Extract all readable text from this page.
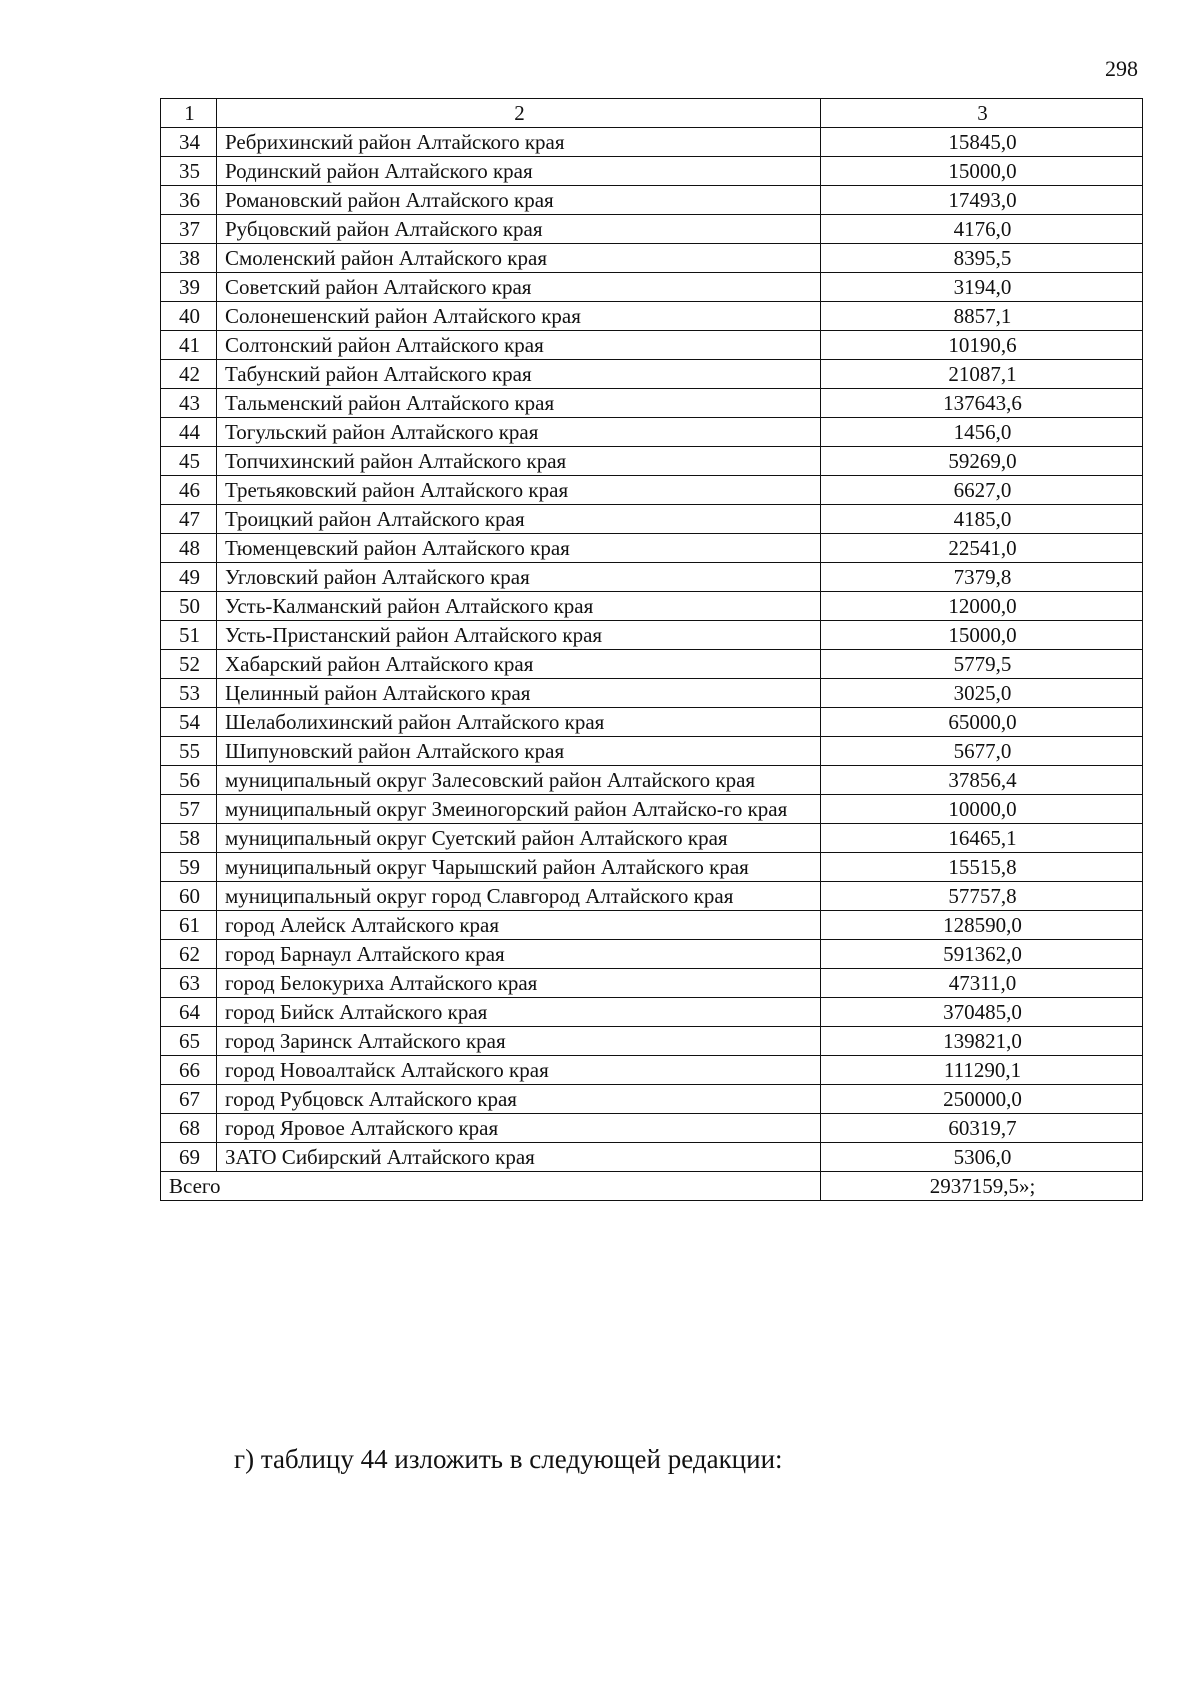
298
1	2	3
34	Ребрихинский район Алтайского края	15845,0
35	Родинский район Алтайского края	15000,0
36	Романовский район Алтайского края	17493,0
37	Рубцовский район Алтайского края	4176,0
38	Смоленский район Алтайского края	8395,5
39	Советский район Алтайского края	3194,0
40	Солонешенский район Алтайского края	8857,1
41	Солтонский район Алтайского края	10190,6
42	Табунский район Алтайского края	21087,1
43	Тальменский район Алтайского края	137643,6
44	Тогульский район Алтайского края	1456,0
45	Топчихинский район Алтайского края	59269,0
46	Третьяковский район Алтайского края	6627,0
47	Троицкий район Алтайского края	4185,0
48	Тюменцевский район Алтайского края	22541,0
49	Угловский район Алтайского края	7379,8
50	Усть-Калманский район Алтайского края	12000,0
51	Усть-Пристанский район Алтайского края	15000,0
52	Хабарский район Алтайского края	5779,5
53	Целинный район Алтайского края	3025,0
54	Шелаболихинский район Алтайского края	65000,0
55	Шипуновский район Алтайского края	5677,0
56	муниципальный округ Залесовский район Алтайского края	37856,4
57	муниципальный округ Змеиногорский район Алтайско-го края	10000,0
58	муниципальный округ Суетский район Алтайского края	16465,1
59	муниципальный округ Чарышский район Алтайского края	15515,8
60	муниципальный округ город Славгород Алтайского края	57757,8
61	город Алейск Алтайского края	128590,0
62	город Барнаул Алтайского края	591362,0
63	город Белокуриха Алтайского края	47311,0
64	город Бийск Алтайского края	370485,0
65	город Заринск Алтайского края	139821,0
66	город Новоалтайск Алтайского края	111290,1
67	город Рубцовск Алтайского края	250000,0
68	город Яровое Алтайского края	60319,7
69	ЗАТО Сибирский Алтайского края	5306,0
Всего		2937159,5»;
г) таблицу 44 изложить в следующей редакции:
